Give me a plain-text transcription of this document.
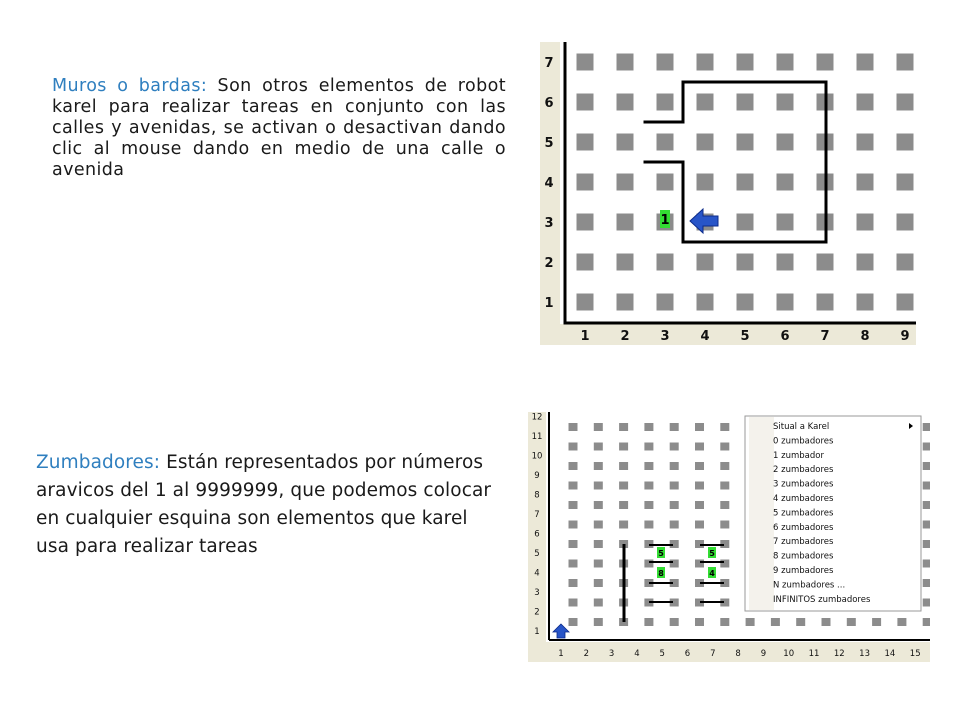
Muros o bardas: Son otros elementos de robot karel para realizar tareas en conjunto con las calles y avenidas, se activan o desactivan dando clic al mouse dando en medio de una calle o avenida
Zumbadores: Están representados por números aravicos del 1 al 9999999, que podemos colocar en cualquier esquina son elementos que karel usa para realizar tareas
1 2 3 4 5 6 7 8 9
1
2
3
4
5
6
7
1
5	5
8	4
1 2 3 4 5 6 7 8 9 10 11 12 13 14 15
1
2
3
4
5
6
7
8
9
10
11
12
Situal a Karel
0 zumbadores
1 zumbador
2 zumbadores
3 zumbadores
4 zumbadores
5 zumbadores
6 zumbadores
7 zumbadores
8 zumbadores
9 zumbadores
N zumbadores ...
INFINITOS zumbadores
